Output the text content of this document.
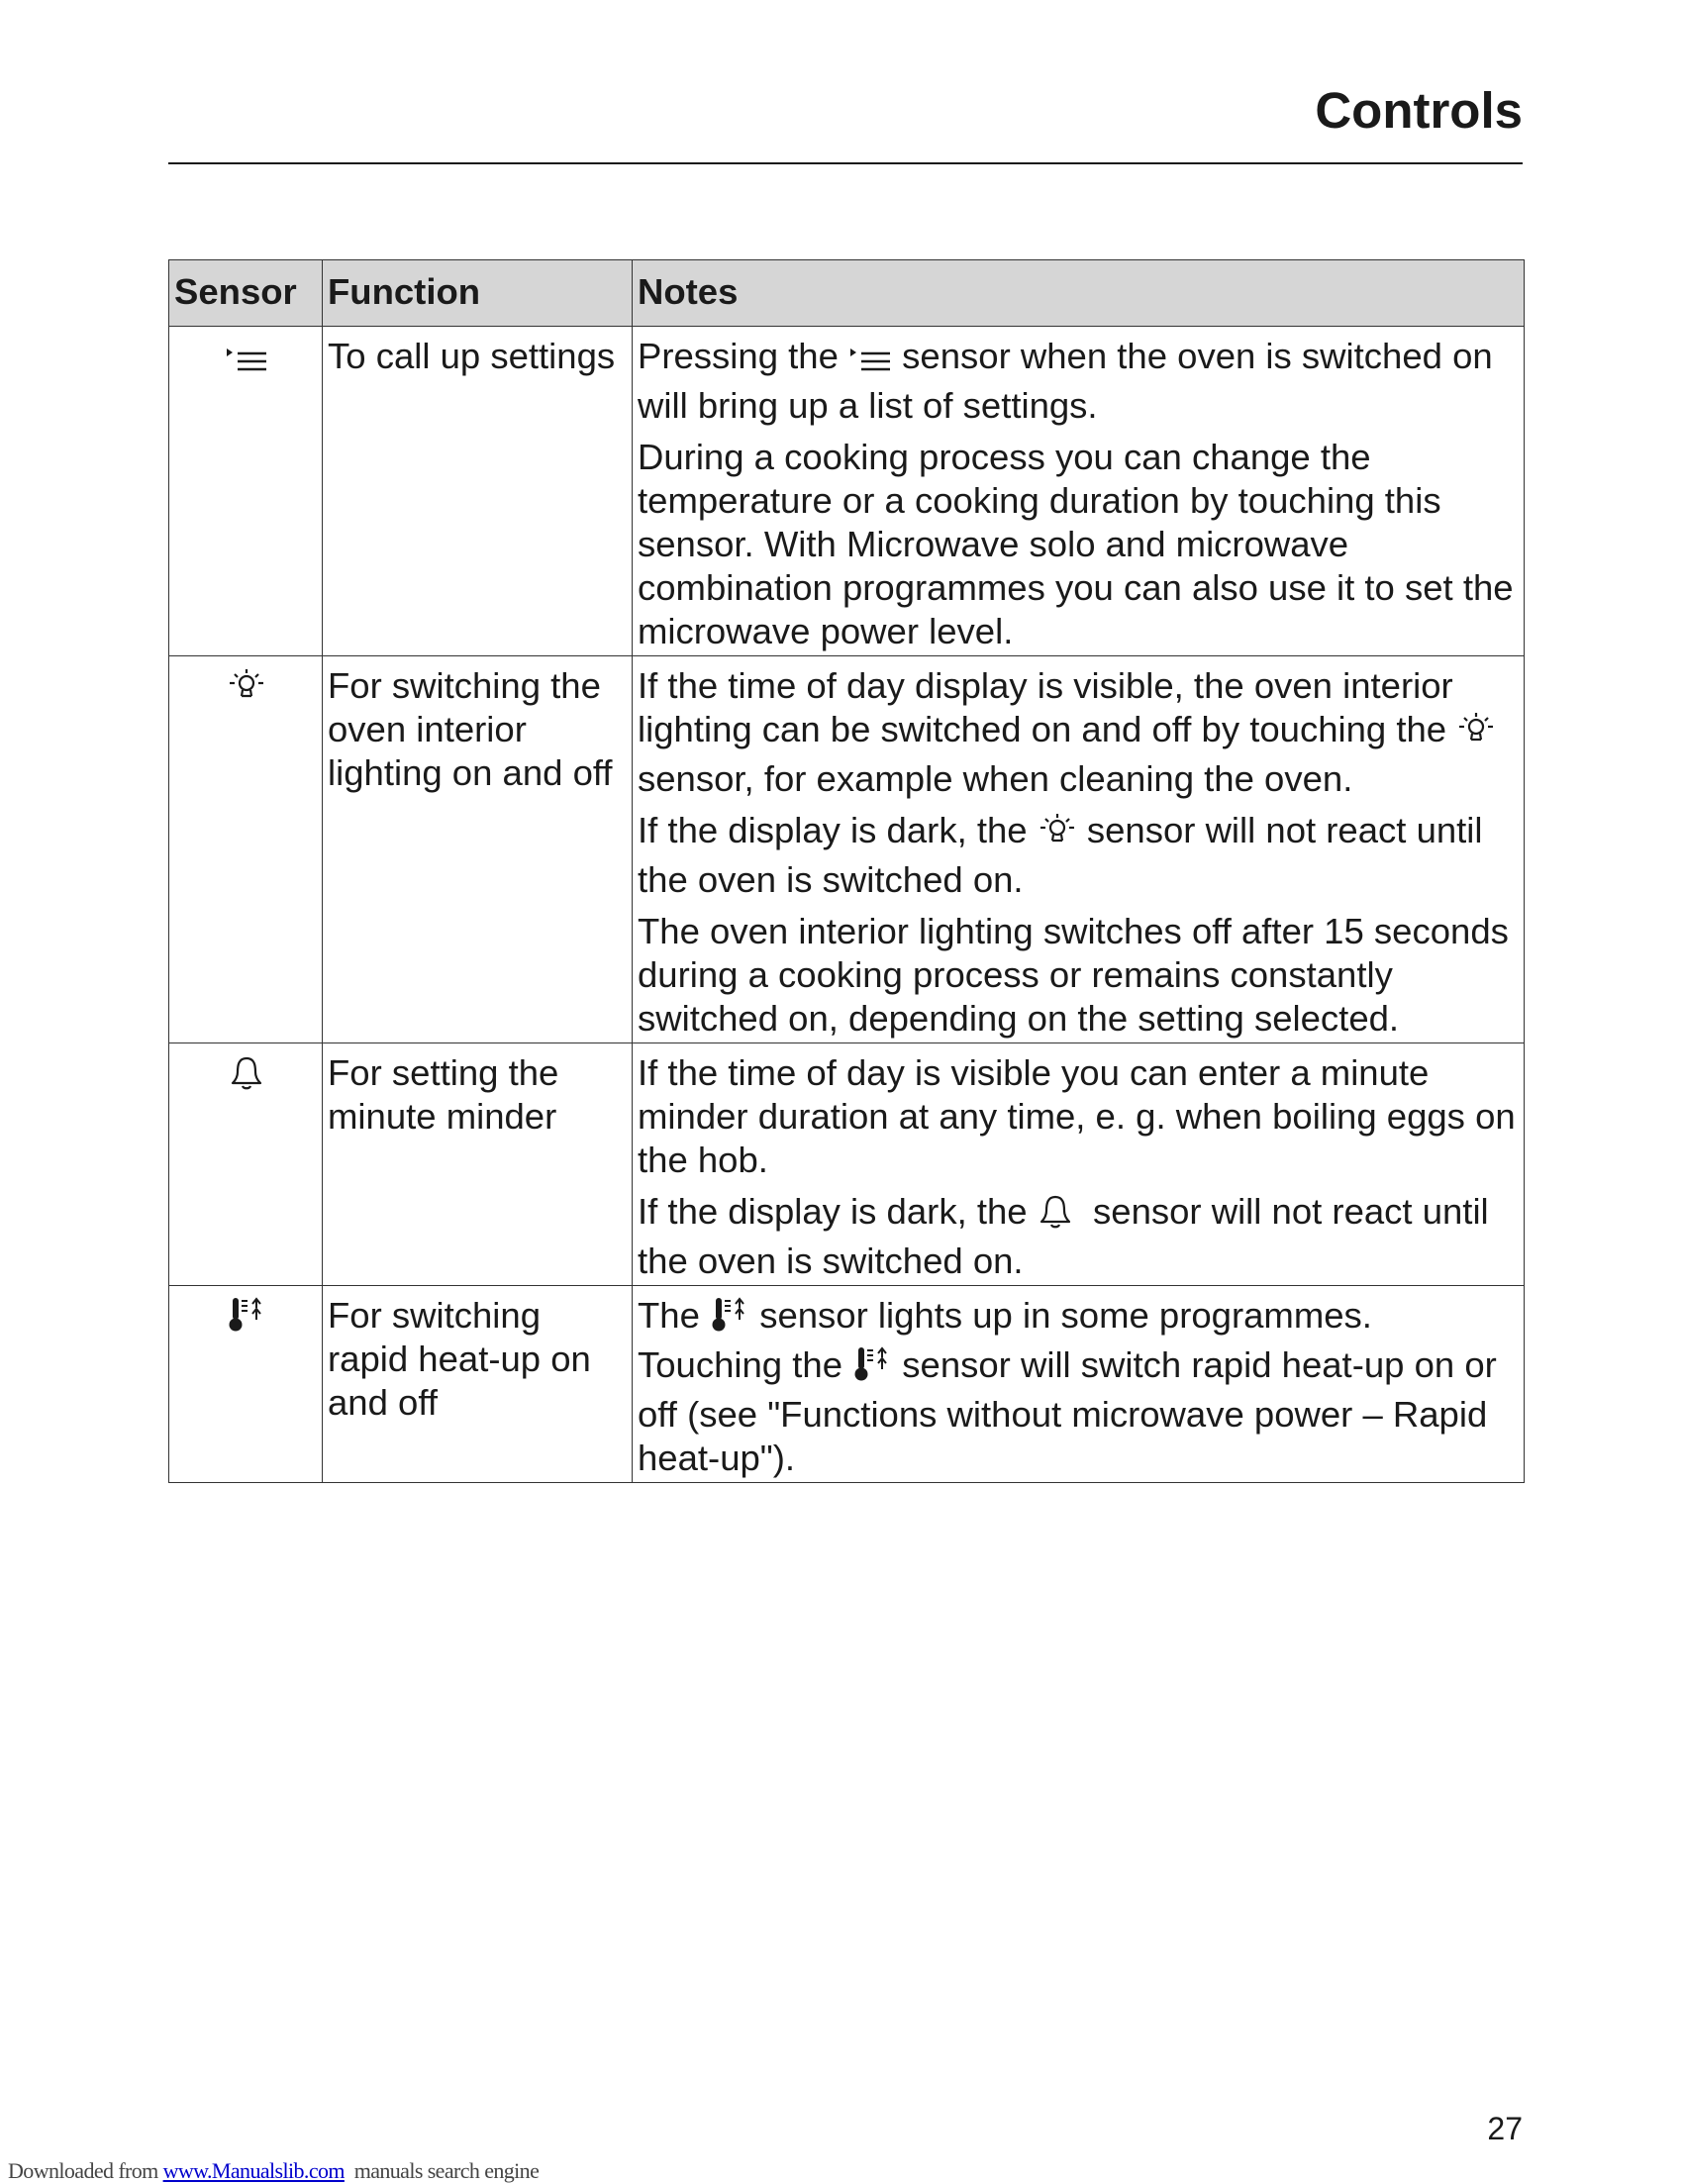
Controls
Sensor	Function	Notes
	To call up settings	Pressing the  sensor when the oven is switched on will bring up a list of settings.

During a cooking process you can change the temperature or a cooking duration by touching this sensor. With Microwave solo and microwave combination programmes you can also use it to set the microwave power level.

	For switching the oven interior lighting on and off	If the time of day display is visible, the oven interior lighting can be switched on and off by touching the  sensor, for example when cleaning the oven.

If the display is dark, the  sensor will not react until the oven is switched on.

The oven interior lighting switches off after 15 seconds during a cooking process or remains constantly switched on, depending on the setting selected.

	For setting the minute minder	If the time of day is visible you can enter a minute minder duration at any time, e. g. when boiling eggs on the hob.

If the display is dark, the   sensor will not react until the oven is switched on.

	For switching rapid heat-up on and off	The  sensor lights up in some programmes.

Touching the  sensor will switch rapid heat-up on or off (see "Functions without microwave power – Rapid heat-up").

27
Downloaded from www.Manualslib.com  manuals search engine
